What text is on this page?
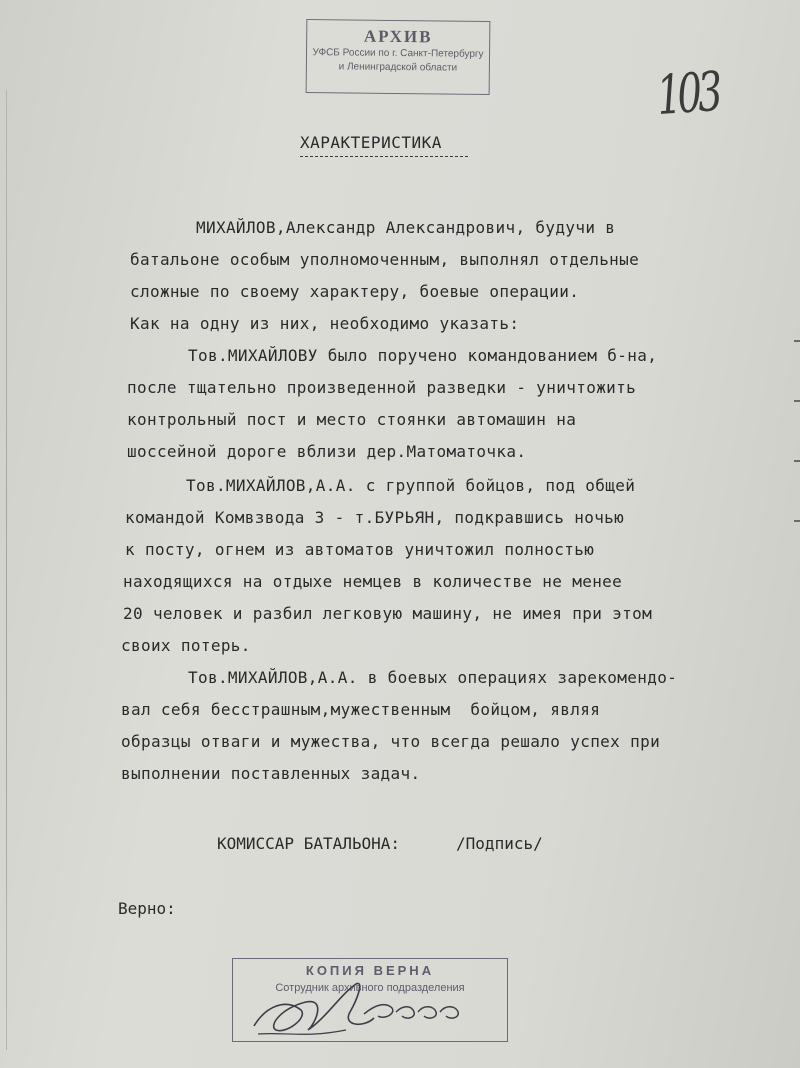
АРХИВ
УФСБ России по г. Санкт-Петербургу
и Ленинградской области	103
ХАРАКТЕРИСТИКА
МИХАЙЛОВ,Александр Александрович, будучи в
батальоне особым уполномоченным, выполнял отдельные
сложные по своему характеру, боевые операции.
Как на одну из них, необходимо указать:
Тов.МИХАЙЛОВУ было поручено командованием б-на,
после тщательно произведенной разведки - уничтожить
контрольный пост и место стоянки автомашин на
шоссейной дороге вблизи дер.Матоматочка.
Тов.МИХАЙЛОВ,А.А. с группой бойцов, под общей
командой Комвзвода 3 - т.БУРЬЯН, подкравшись ночью
к посту, огнем из автоматов уничтожил полностью
находящихся на отдыхе немцев в количестве не менее
20 человек и разбил легковую машину, не имея при этом
своих потерь.
Тов.МИХАЙЛОВ,А.А. в боевых операциях зарекомендо-
вал себя бесстрашным,мужественным  бойцом, являя
образцы отваги и мужества, что всегда решало успех при
выполнении поставленных задач.
КОМИССАР БАТАЛЬОНА:	/Подпись/
Верно:
КОПИЯ ВЕРНА
Сотрудник архивного подразделения
